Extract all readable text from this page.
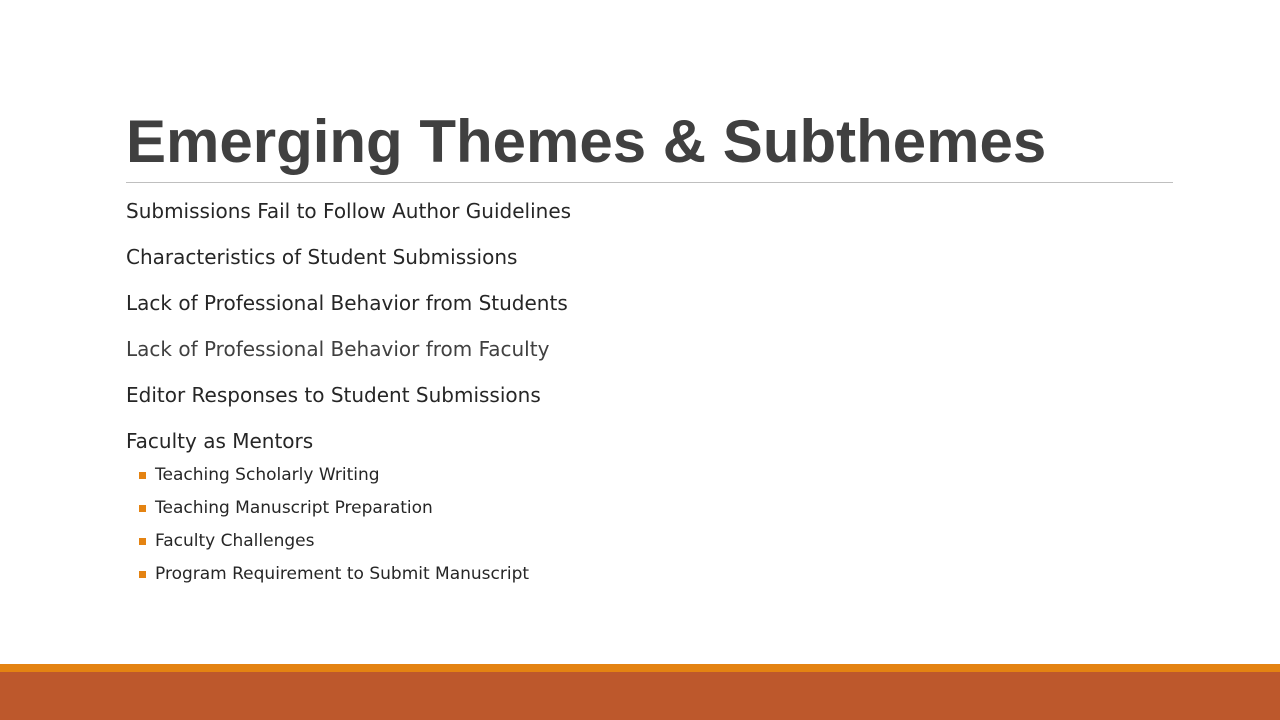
Emerging Themes & Subthemes
Submissions Fail to Follow Author Guidelines
Characteristics of Student Submissions
Lack of Professional Behavior from Students
Lack of Professional Behavior from Faculty
Editor Responses to Student Submissions
Faculty as Mentors
Teaching Scholarly Writing
Teaching Manuscript Preparation
Faculty Challenges
Program Requirement to Submit Manuscript
